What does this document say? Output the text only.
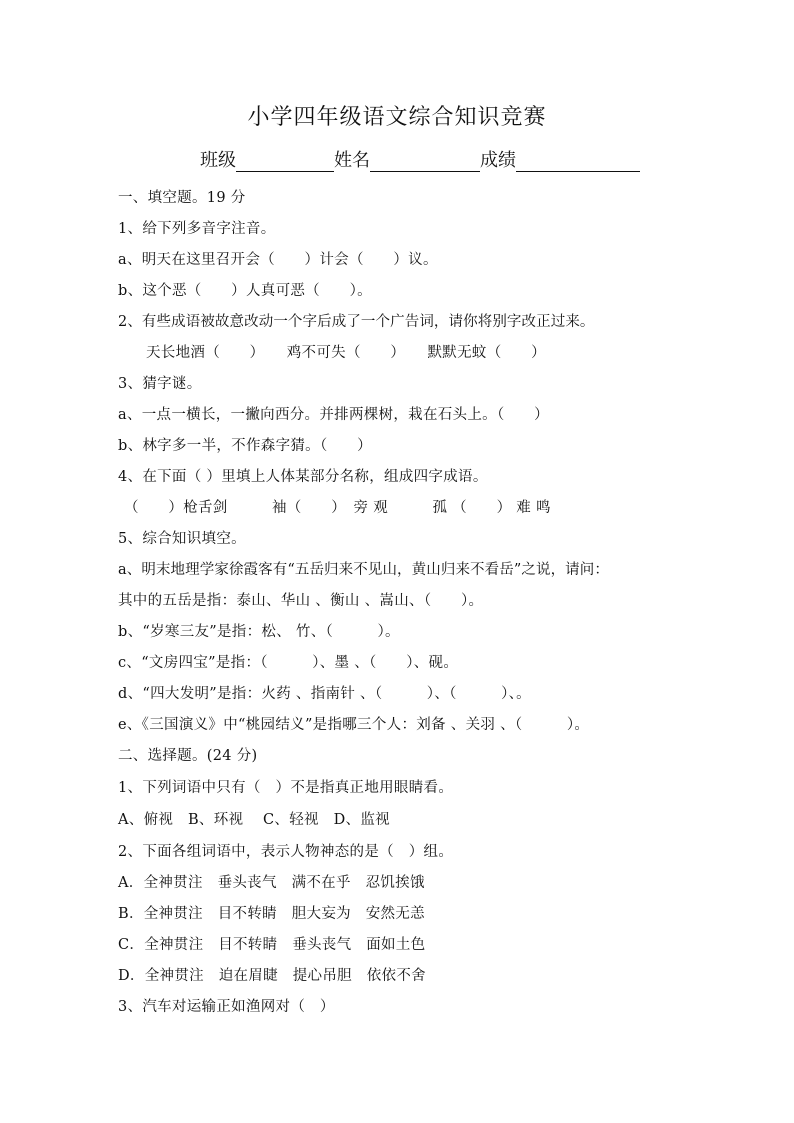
小学四年级语文综合知识竞赛
班级	姓名	成绩
一、填空题。19 分
1、给下列多音字注音。
a、明天在这里召开会（　　）计会（　　）议。
b、这个恶（　　）人真可恶（　　）。
2、有些成语被故意改动一个字后成了一个广告词，请你将别字改正过来。
天长地酒（　　）　　鸡不可失（　　）　　默默无蚊（　　）
3、猜字谜。
a、一点一横长，一撇向西分。并排两棵树，栽在石头上。（　　）
b、林字多一半，不作森字猜。（　　）
4、在下面（ ）里填上人体某部分名称，组成四字成语。
（　　）枪舌剑　　　袖（　　）　旁 观　　　孤 （　　） 难 鸣
5、综合知识填空。
a、明末地理学家徐霞客有“五岳归来不见山，黄山归来不看岳”之说，请问：
其中的五岳是指：泰山、华山 、衡山 、嵩山、（　　）。
b、“岁寒三友”是指：松、 竹、（　　　）。
c、“文房四宝”是指：（　　　）、墨 、（　　）、砚。
d、“四大发明”是指：火药 、指南针 、（　　　）、（　　　）、。
e、《三国演义》中“桃园结义”是指哪三个人：刘备 、关羽 、（　　　）。
二、选择题。(24 分)
1、下列词语中只有（　）不是指真正地用眼睛看。
A、俯视　B、环视　 C、轻视　D、监视
2、下面各组词语中，表示人物神态的是（　）组。
A．全神贯注　垂头丧气　满不在乎　忍饥挨饿
B．全神贯注　目不转睛　胆大妄为　安然无恙
C．全神贯注　目不转睛　垂头丧气　面如土色
D．全神贯注　迫在眉睫　提心吊胆　依依不舍
3、汽车对运输正如渔网对（　）
